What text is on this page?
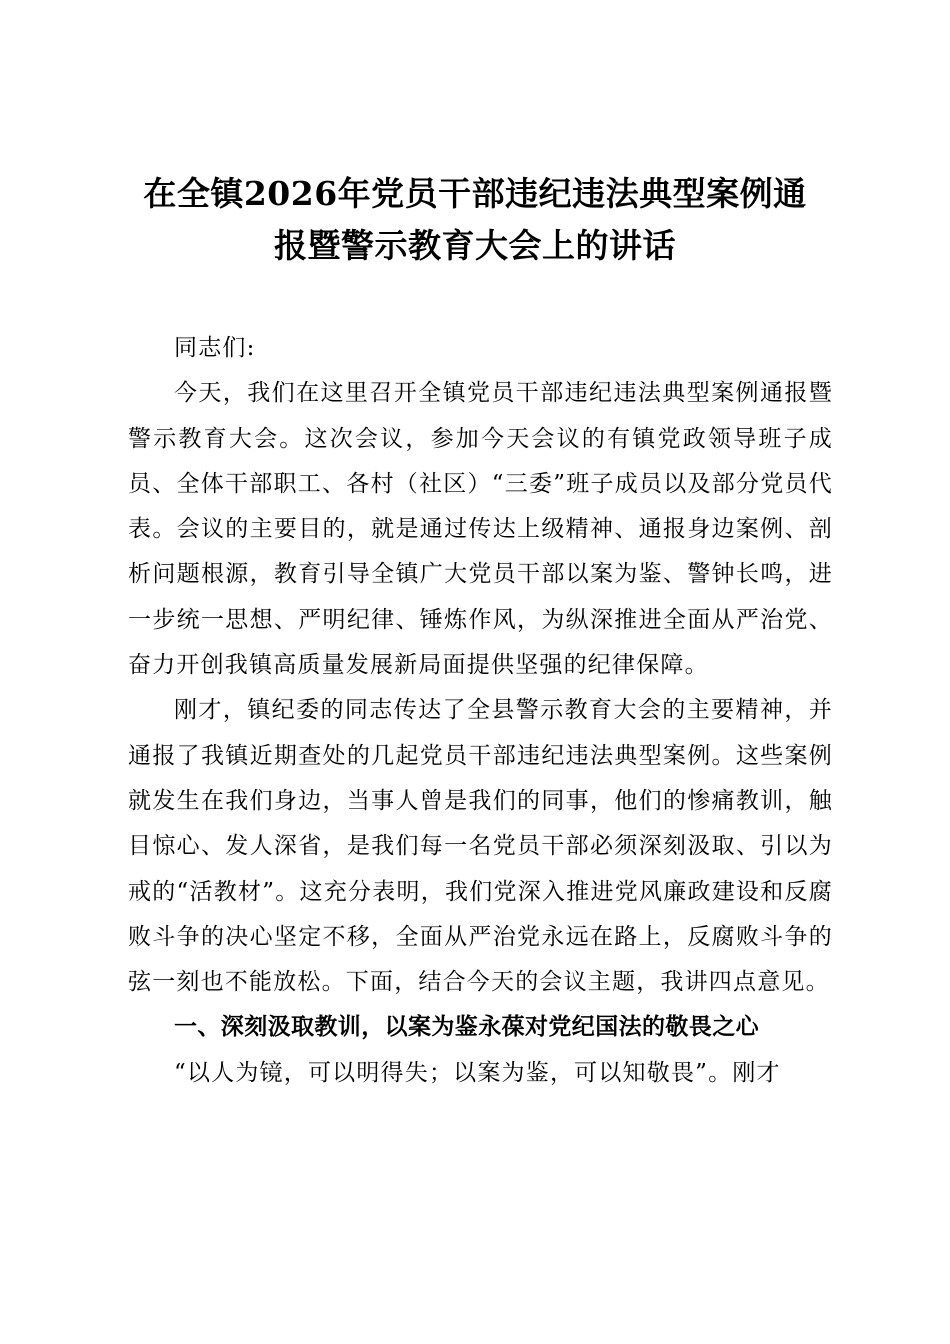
在全镇2026年党员干部违纪违法典型案例通
报暨警示教育大会上的讲话

同志们:

今天，我们在这里召开全镇党员干部违纪违法典型案例通报暨警示教育大会。这次会议，参加今天会议的有镇党政领导班子成员、全体干部职工、各村（社区）“三委”班子成员以及部分党员代表。会议的主要目的，就是通过传达上级精神、通报身边案例、剖析问题根源，教育引导全镇广大党员干部以案为鉴、警钟长鸣，进一步统一思想、严明纪律、锤炼作风，为纵深推进全面从严治党、奋力开创我镇高质量发展新局面提供坚强的纪律保障。

刚才，镇纪委的同志传达了全县警示教育大会的主要精神，并通报了我镇近期查处的几起党员干部违纪违法典型案例。这些案例就发生在我们身边，当事人曾是我们的同事，他们的惨痛教训，触目惊心、发人深省，是我们每一名党员干部必须深刻汲取、引以为戒的“活教材”。这充分表明，我们党深入推进党风廉政建设和反腐败斗争的决心坚定不移，全面从严治党永远在路上，反腐败斗争的弦一刻也不能放松。下面，结合今天的会议主题，我讲四点意见。

一、深刻汲取教训，以案为鉴永葆对党纪国法的敬畏之心

“以人为镜，可以明得失；以案为鉴，可以知敬畏”。刚才
